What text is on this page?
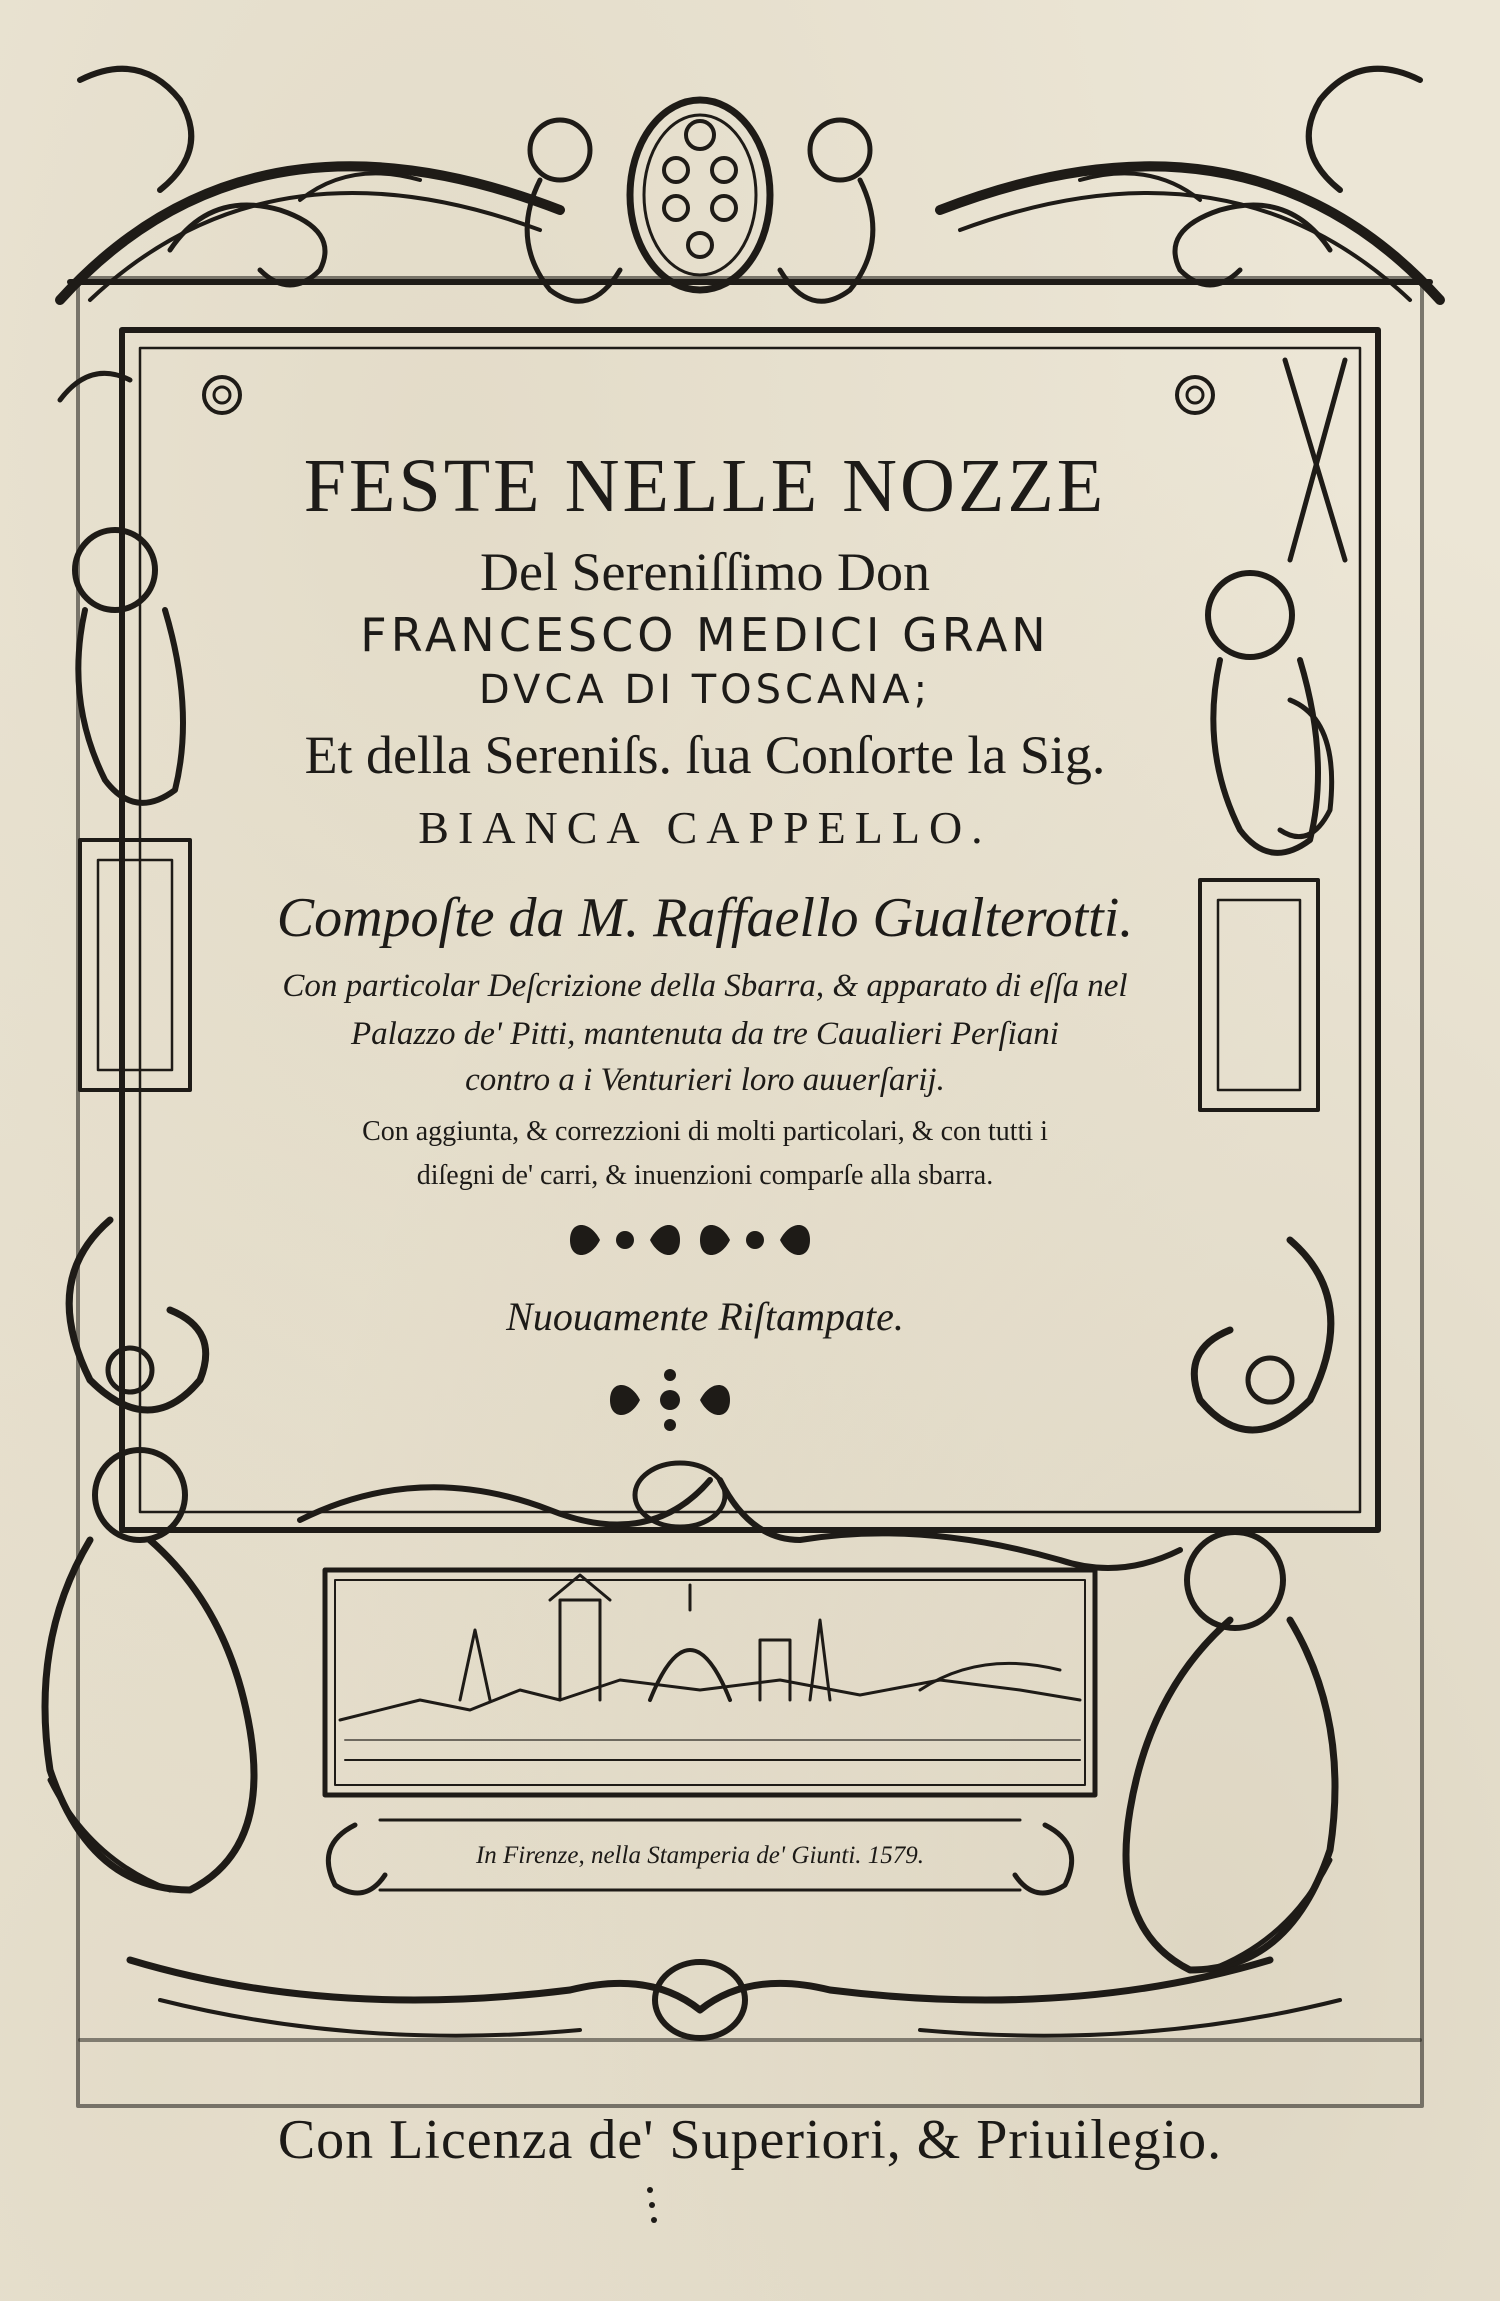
FESTE NELLE NOZZE
Del Sereniſſimo Don
FRANCESCO MEDICI GRAN
DVCA DI TOSCANA;
Et della Sereniſs. ſua Conſorte la Sig.
BIANCA CAPPELLO.
Compoſte da M. Raffaello Gualterotti.
Con particolar Deſcrizione della Sbarra, & apparato di eſſa nel
Palazzo de' Pitti, mantenuta da tre Caualieri Perſiani
contro a i Venturieri loro auuerſarij.
Con aggiunta, & correzzioni di molti particolari, & con tutti i
diſegni de' carri, & inuenzioni comparſe alla sbarra.
Nuouamente Riſtampate.
In Firenze, nella Stamperia de' Giunti. 1579.
Con Licenza de' Superiori, & Priuilegio.
